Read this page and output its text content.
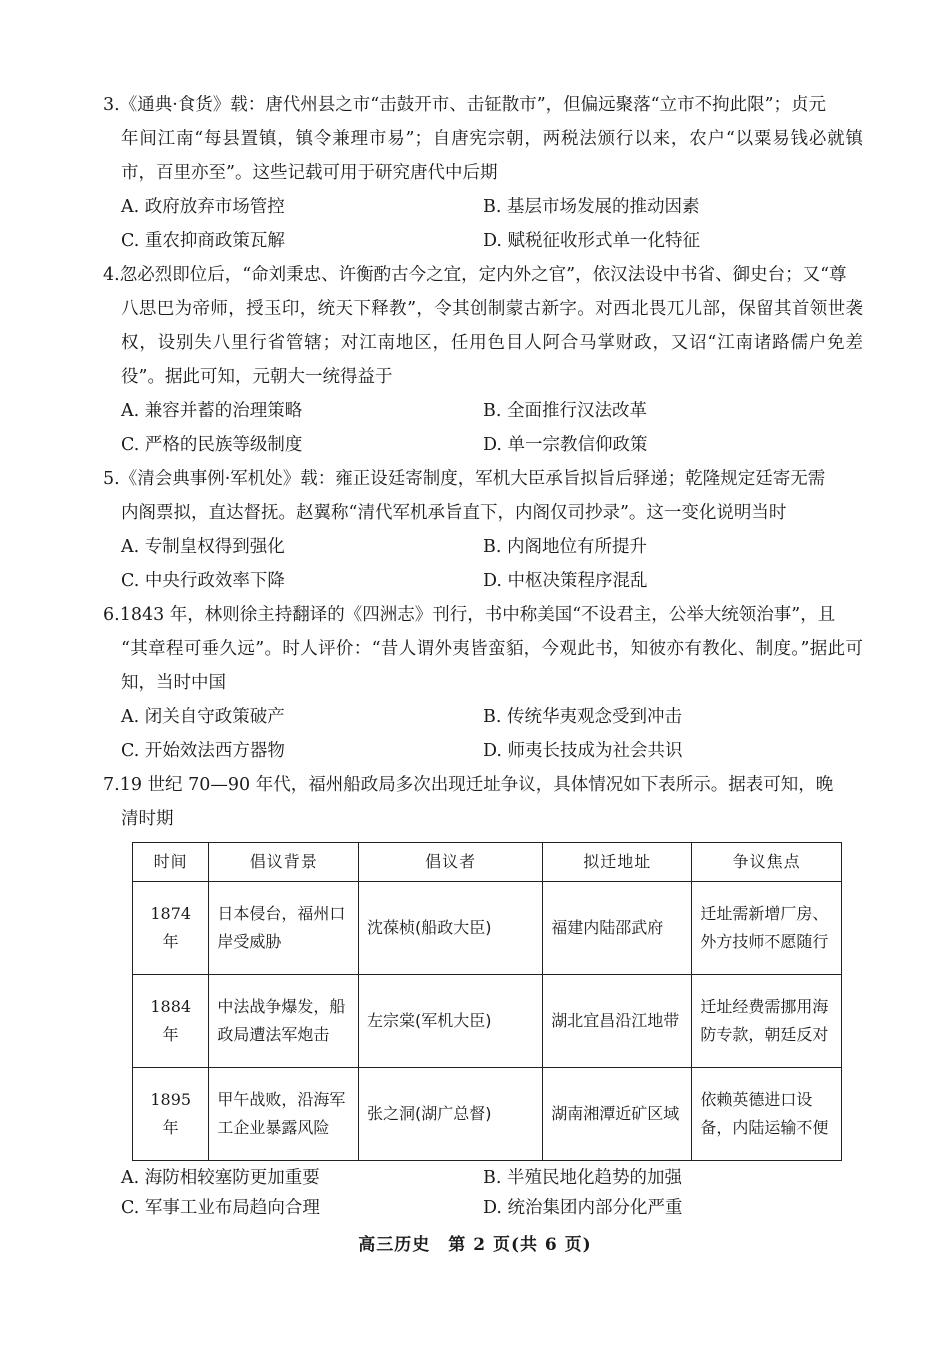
3.《通典·食货》载：唐代州县之市“击鼓开市、击钲散市”，但偏远聚落“立市不拘此限”；贞元
年间江南“每县置镇，镇令兼理市易”；自唐宪宗朝，两税法颁行以来，农户“以粟易钱必就镇市，百里亦至”。这些记载可用于研究唐代中后期

A. 政府放弃市场管控	B. 基层市场发展的推动因素
C. 重农抑商政策瓦解	D. 赋税征收形式单一化特征

4.忽必烈即位后，“命刘秉忠、许衡酌古今之宜，定内外之官”，依汉法设中书省、御史台；又“尊
八思巴为帝师，授玉印，统天下释教”，令其创制蒙古新字。对西北畏兀儿部，保留其首领世袭权，设别失八里行省管辖；对江南地区，任用色目人阿合马掌财政，又诏“江南诸路儒户免差役”。据此可知，元朝大一统得益于

A. 兼容并蓄的治理策略	B. 全面推行汉法改革
C. 严格的民族等级制度	D. 单一宗教信仰政策

5.《清会典事例·军机处》载：雍正设廷寄制度，军机大臣承旨拟旨后驿递；乾隆规定廷寄无需
内阁票拟，直达督抚。赵翼称“清代军机承旨直下，内阁仅司抄录”。这一变化说明当时

A. 专制皇权得到强化	B. 内阁地位有所提升
C. 中央行政效率下降	D. 中枢决策程序混乱

6.1843 年，林则徐主持翻译的《四洲志》刊行，书中称美国“不设君主，公举大统领治事”，且
“其章程可垂久远”。时人评价：“昔人谓外夷皆蛮貊，今观此书，知彼亦有教化、制度。”据此可知，当时中国

A. 闭关自守政策破产	B. 传统华夷观念受到冲击
C. 开始效法西方器物	D. 师夷长技成为社会共识

7.19 世纪 70—90 年代，福州船政局多次出现迁址争议，具体情况如下表所示。据表可知，晚
清时期

时间	倡议背景	倡议者	拟迁地址	争议焦点
1874 年	日本侵台，福州口岸受威胁	沈葆桢(船政大臣)	福建内陆邵武府	迁址需新增厂房、外方技师不愿随行
1884 年	中法战争爆发，船政局遭法军炮击	左宗棠(军机大臣)	湖北宜昌沿江地带	迁址经费需挪用海防专款，朝廷反对
1895 年	甲午战败，沿海军工企业暴露风险	张之洞(湖广总督)	湖南湘潭近矿区域	依赖英德进口设备，内陆运输不便
A. 海防相较塞防更加重要	B. 半殖民地化趋势的加强
C. 军事工业布局趋向合理	D. 统治集团内部分化严重
高三历史　第 2 页(共 6 页)
